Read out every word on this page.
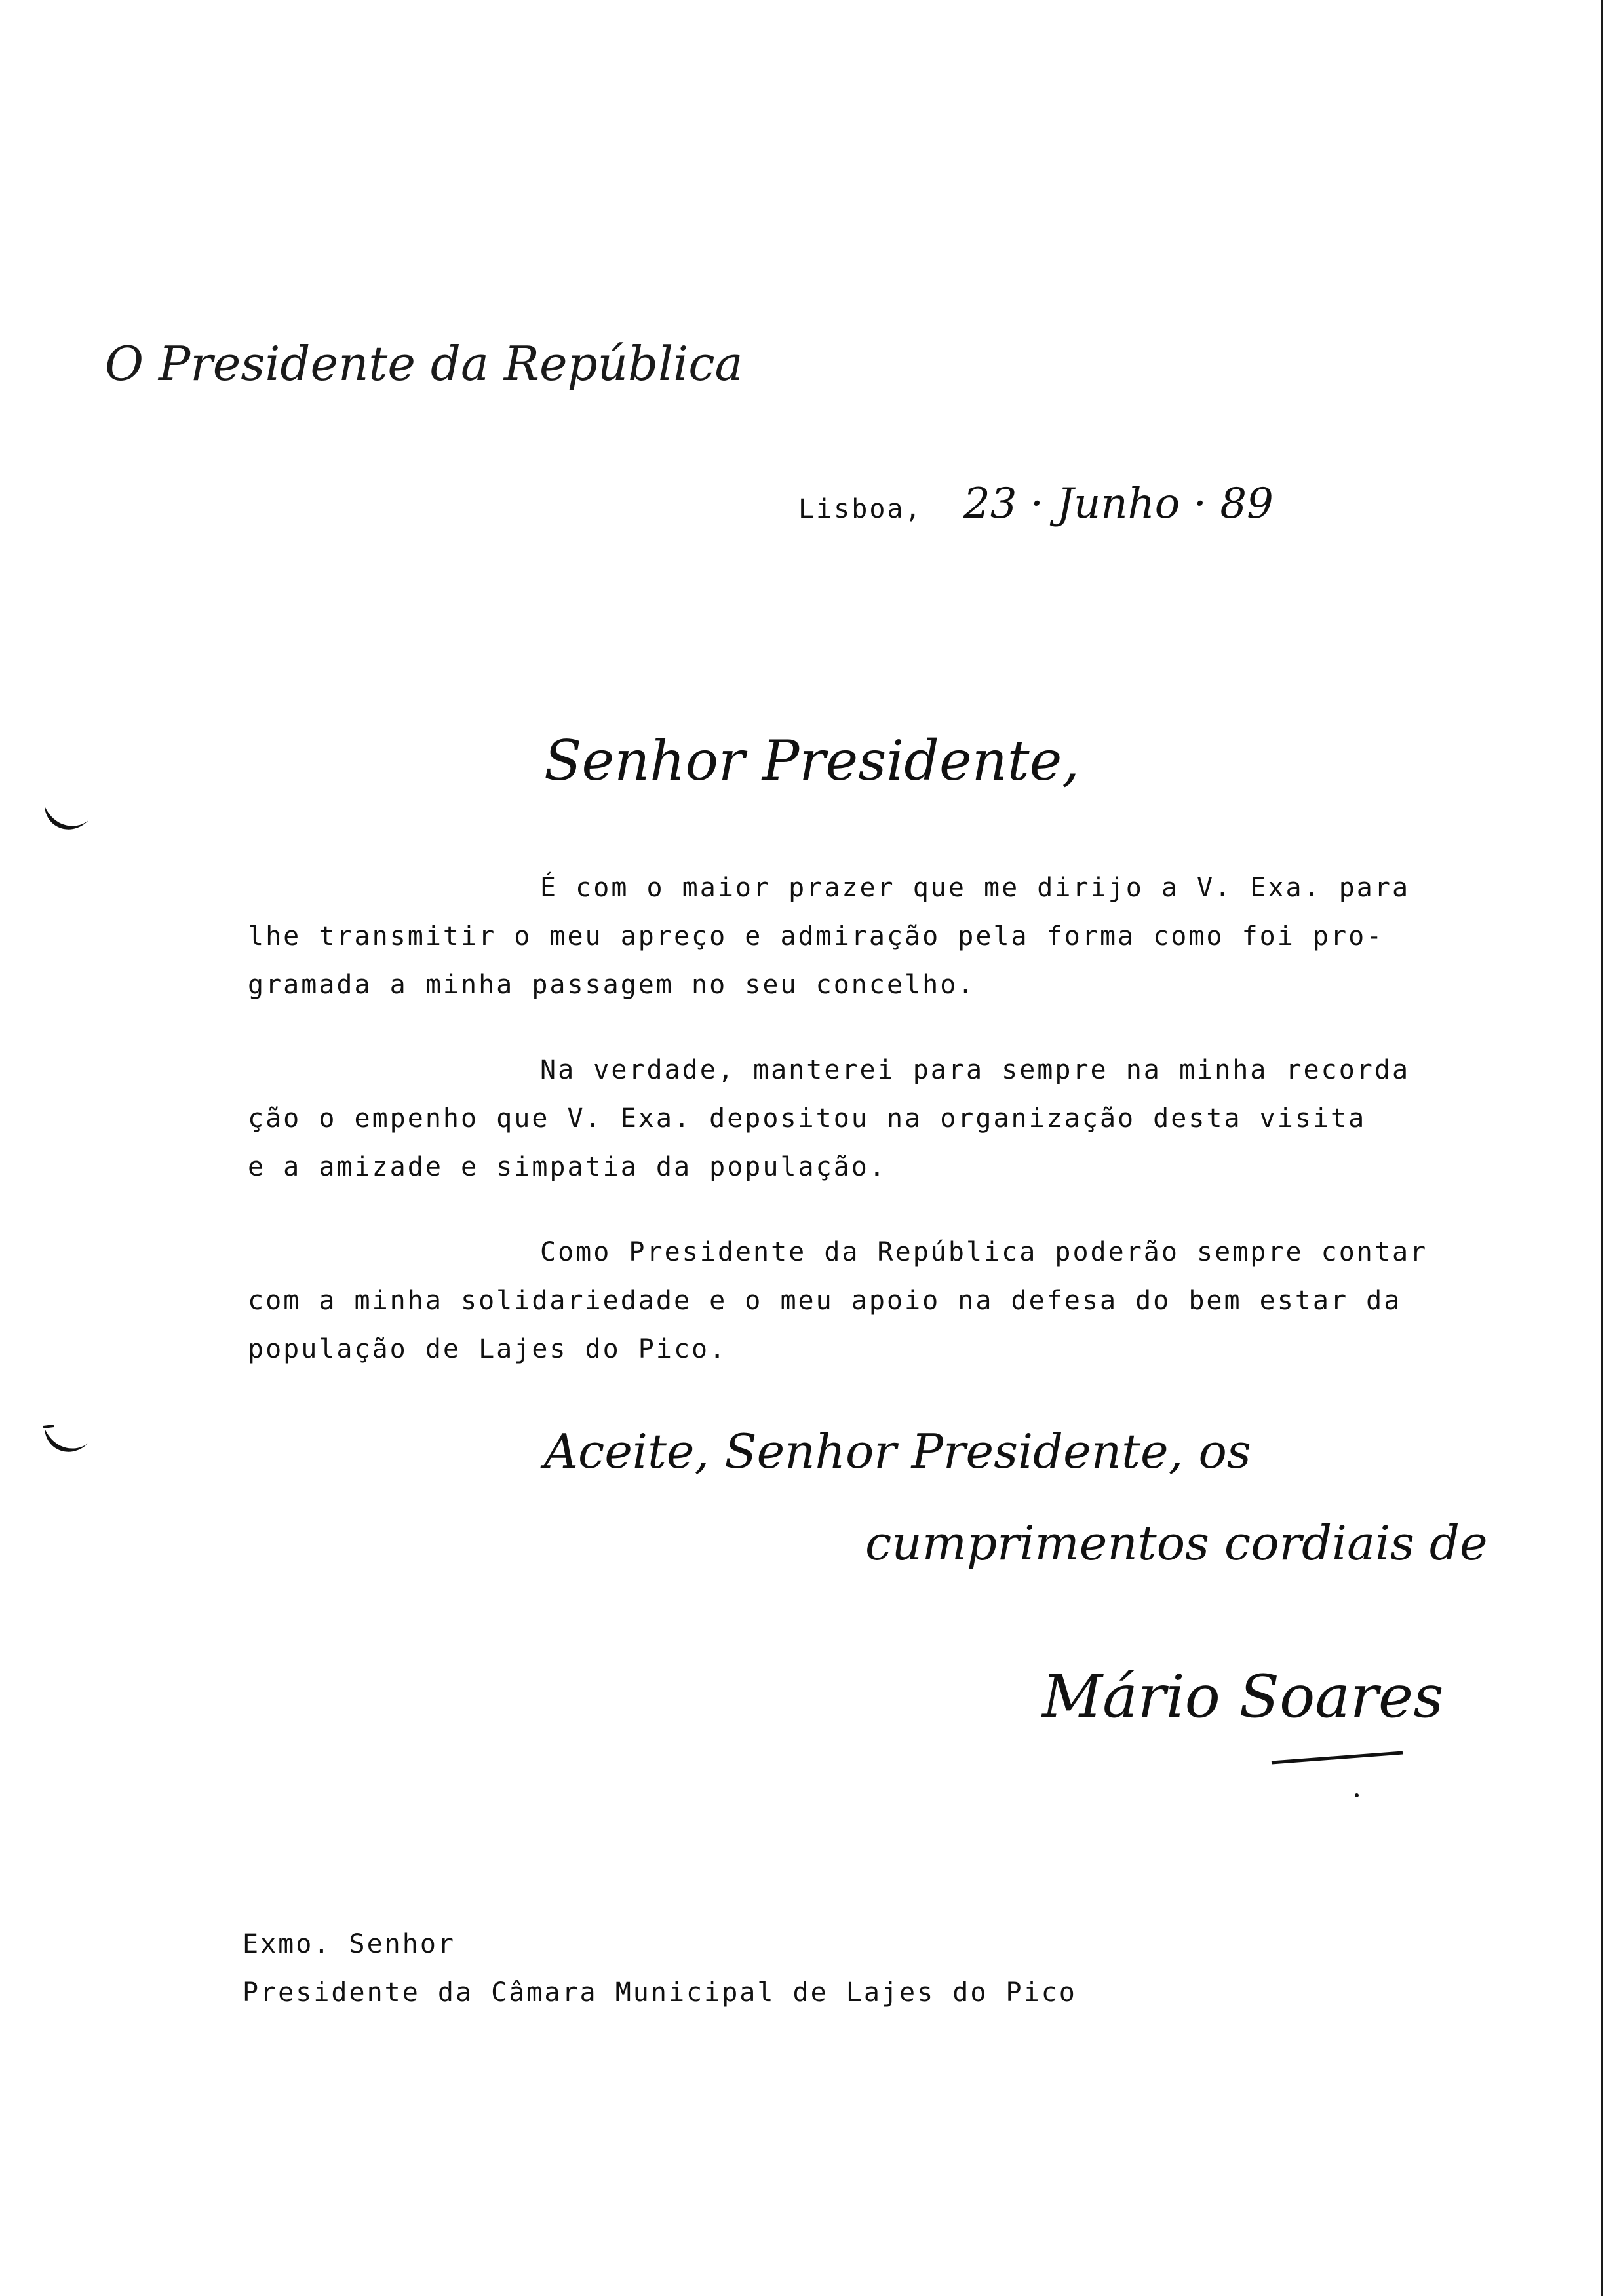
O Presidente da República
Lisboa, 23 · Junho · 89
Senhor Presidente,
É com o maior prazer que me dirijo a V. Exa. para
lhe transmitir o meu apreço e admiração pela forma como foi pro-
gramada a minha passagem no seu concelho.
Na verdade, manterei para sempre na minha recorda
ção o empenho que V. Exa. depositou na organização desta visita
e a amizade e simpatia da população.
Como Presidente da República poderão sempre contar
com a minha solidariedade e o meu apoio na defesa do bem estar da
população de Lajes do Pico.
Aceite, Senhor Presidente, os
cumprimentos cordiais de
Mário Soares
Exmo. Senhor
Presidente da Câmara Municipal de Lajes do Pico
